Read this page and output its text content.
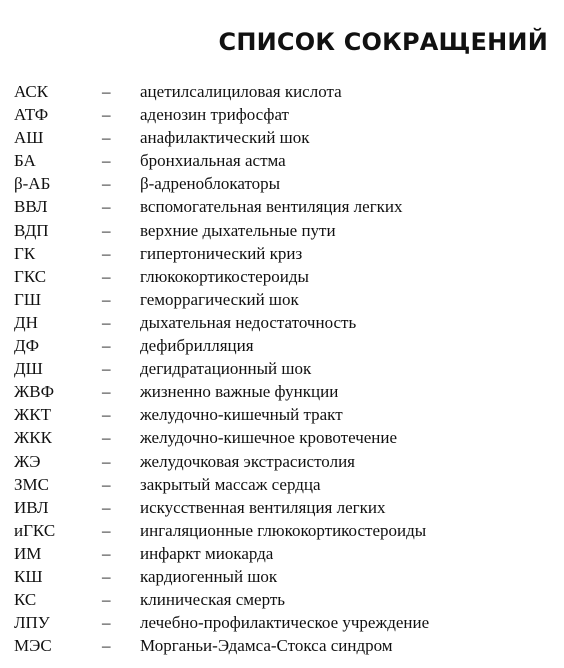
СПИСОК СОКРАЩЕНИЙ
АСК	–	ацетилсалициловая кислота
АТФ	–	аденозин трифосфат
АШ	–	анафилактический шок
БА	–	бронхиальная астма
β-АБ	–	β-адреноблокаторы
ВВЛ	–	вспомогательная вентиляция легких
ВДП	–	верхние дыхательные пути
ГК	–	гипертонический криз
ГКС	–	глюкокортикостероиды
ГШ	–	геморрагический шок
ДН	–	дыхательная недостаточность
ДФ	–	дефибрилляция
ДШ	–	дегидратационный шок
ЖВФ	–	жизненно важные функции
ЖКТ	–	желудочно-кишечный тракт
ЖКК	–	желудочно-кишечное кровотечение
ЖЭ	–	желудочковая экстрасистолия
ЗМС	–	закрытый массаж сердца
ИВЛ	–	искусственная вентиляция легких
иГКС	–	ингаляционные глюкокортикостероиды
ИМ	–	инфаркт миокарда
КШ	–	кардиогенный шок
КС	–	клиническая смерть
ЛПУ	–	лечебно-профилактическое учреждение
МЭС	–	Морганьи-Эдамса-Стокса синдром
